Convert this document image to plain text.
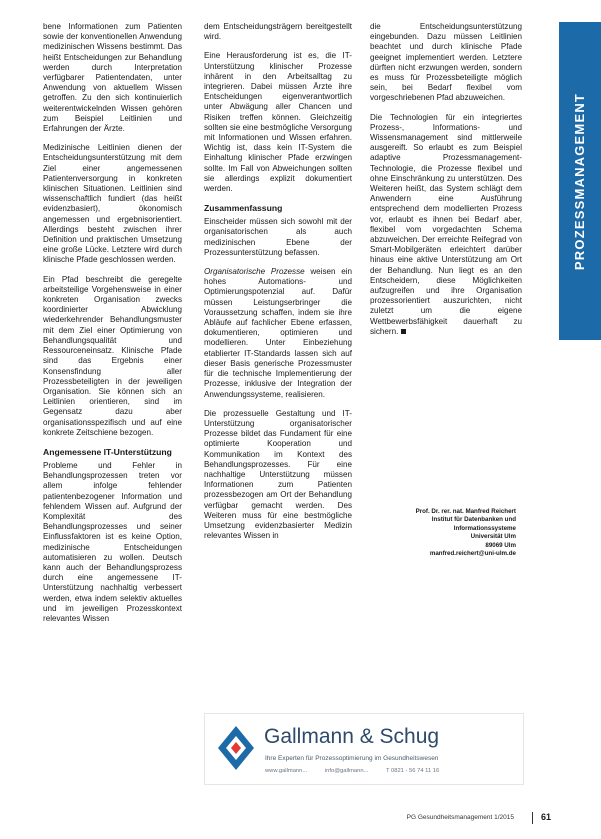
bene Informationen zum Patienten sowie der konventionellen Anwendung medizinischen Wissens bestimmt. Das heißt Entscheidungen zur Behandlung werden durch Interpretation verfügbarer Patientendaten, unter Anwendung von aktuellem Wissen getroffen. Zu den sich kontinuierlich weiterentwickelnden Wissen gehören zum Beispiel Leitlinien und Erfahrungen der Ärzte.

Medizinische Leitlinien dienen der Entscheidungsunterstützung mit dem Ziel einer angemessenen Patientenversorgung in konkreten klinischen Situationen. Leitlinien sind wissenschaftlich fundiert (das heißt evidenzbasiert), ökonomisch angemessen und ergebnisorientiert. Allerdings besteht zwischen ihrer Definition und praktischen Umsetzung eine große Lücke. Letztere wird durch klinische Pfade geschlossen werden.

Ein Pfad beschreibt die geregelte arbeitsteilige Vorgehensweise in einer konkreten Organisation zwecks koordinierter Abwicklung wiederkehrender Behandlungsmuster mit dem Ziel einer Optimierung von Behandlungsqualität und Ressourceneinsatz. Klinische Pfade sind das Ergebnis einer Konsensfindung aller Prozessbeteiligten in der jeweiligen Organisation. Sie können sich an Leitlinien orientieren, sind im Gegensatz dazu aber organisationsspezifisch und auf eine konkrete Zeitschiene bezogen.

Angemessene IT-Unterstützung

Probleme und Fehler in Behandlungsprozessen treten vor allem infolge fehlender patientenbezogener Information und fehlendem Wissen auf. Aufgrund der Komplexität des Behandlungsprozesses und seiner Einflussfaktoren ist es keine Option, medizinische Entscheidungen automatisieren zu wollen. Deutsch kann auch der Behandlungsprozess durch eine angemessene IT-Unterstützung nachhaltig verbessert werden, etwa indem selektiv aktuelles und im jeweiligen Prozesskontext relevantes Wissen

dem Entscheidungsträgern bereitgestellt wird.

Eine Herausforderung ist es, die IT-Unterstützung klinischer Prozesse inhärent in den Arbeitsalltag zu integrieren. Dabei müssen Ärzte ihre Entscheidungen eigenverantwortlich unter Abwägung aller Chancen und Risiken treffen können. Gleichzeitig sollten sie eine bestmögliche Versorgung mit Informationen und Wissen erfahren. Wichtig ist, dass kein IT-System die Einhaltung klinischer Pfade erzwingen sollte. Im Fall von Abweichungen sollten sie allerdings explizit dokumentiert werden.

Zusammenfassung

Einscheider müssen sich sowohl mit der organisatorischen als auch medizinischen Ebene der Prozessunterstützung befassen.

Organisatorische Prozesse weisen ein hohes Automations- und Optimierungspotenzial auf. Dafür müssen Leistungserbringer die Voraussetzung schaffen, indem sie ihre Abläufe auf fachlicher Ebene erfassen, dokumentieren, optimieren und modellieren. Unter Einbeziehung etablierter IT-Standards lassen sich auf dieser Basis generische Prozessmuster für die technische Implementierung der Prozesse, inklusive der Integration der Anwendungssysteme, realisieren.

Die prozessuelle Gestaltung und IT-Unterstützung organisatorischer Prozesse bildet das Fundament für eine optimierte Kooperation und Kommunikation im Kontext des Behandlungsprozesses. Für eine nachhaltige Unterstützung müssen Informationen zum Patienten prozessbezogen am Ort der Behandlung verfügbar gemacht werden. Des Weiteren muss für eine bestmögliche Umsetzung evidenzbasierter Medizin relevantes Wissen in

die Entscheidungsunterstützung eingebunden. Dazu müssen Leitlinien beachtet und durch klinische Pfade geeignet implementiert werden. Letztere dürften nicht erzwungen werden, sondern es muss für Prozessbeteiligte möglich sein, bei Bedarf flexibel vom vorgeschriebenen Pfad abzuweichen.

Die Technologien für ein integriertes Prozess-, Informations- und Wissensmanagement sind mittlerweile ausgereift. So erlaubt es zum Beispiel adaptive Prozessmanagement-Technologie, die Prozesse flexibel und ohne Einschränkung zu unterstützen. Des Weiteren heißt, das System schlägt dem Anwendern eine Ausführung entsprechend dem modellierten Prozess vor, erlaubt es ihnen bei Bedarf aber, flexibel vom vorgedachten Schema abzuweichen. Der erreichte Reifegrad von Smart-Mobilgeräten erleichtert darüber hinaus eine aktive Unterstützung am Ort der Behandlung. Nun liegt es an den Entscheidern, diese Möglichkeiten aufzugreifen und ihre Organisation prozessorientiert auszurichten, nicht zuletzt um die eigene Wettbewerbsfähigkeit dauerhaft zu sichern.

PROZESSMANAGEMENT
Prof. Dr. rer. nat. Manfred Reichert
Institut für Datenbanken und
Informationssysteme
Universität Ulm
89069 Ulm
manfred.reichert@uni-ulm.de
Gallmann & Schug
Ihre Experten für Prozessoptimierung im Gesundheitswesen
www.gallmann...	info@gallmann...	T 0821 - 56 74 11 16
PG Gesundheitsmanagement 1/2015	61
